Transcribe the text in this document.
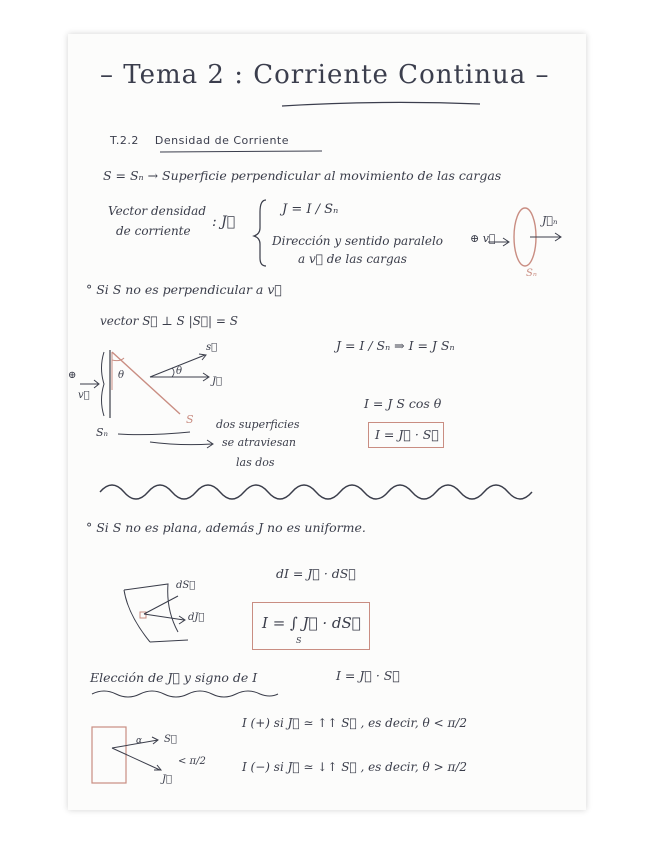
– Tema 2 : Corriente Continua –
T.2.2 Densidad de Corriente
S = Sₙ → Superficie perpendicular al movimiento de las cargas
Vector densidad
de corriente
: J⃗
J = I / Sₙ
Dirección y sentido paralelo
a v⃗ de las cargas
⊕ v⃗
J⃗ₙ
Sₙ
° Si S no es perpendicular a v⃗
vector S⃗ ⊥ S |S⃗| = S
J = I / Sₙ ⇒ I = J Sₙ
I = J S cos θ
I = J⃗ · S⃗
⊕
v⃗
θ	θ
s⃗
J⃗
S
Sₙ
dos superficies
se atraviesan
las dos
° Si S no es plana, además J no es uniforme.
dI = J⃗ · dS⃗
I = ∫ J⃗ · dS⃗
S
dS⃗
dJ⃗
Elección de J⃗ y signo de I	I = J⃗ · S⃗
I (+) si J⃗ ≃ ↑↑ S⃗ , es decir, θ < π/2
I (−) si J⃗ ≃ ↓↑ S⃗ , es decir, θ > π/2
α S⃗
< π/2
J⃗
